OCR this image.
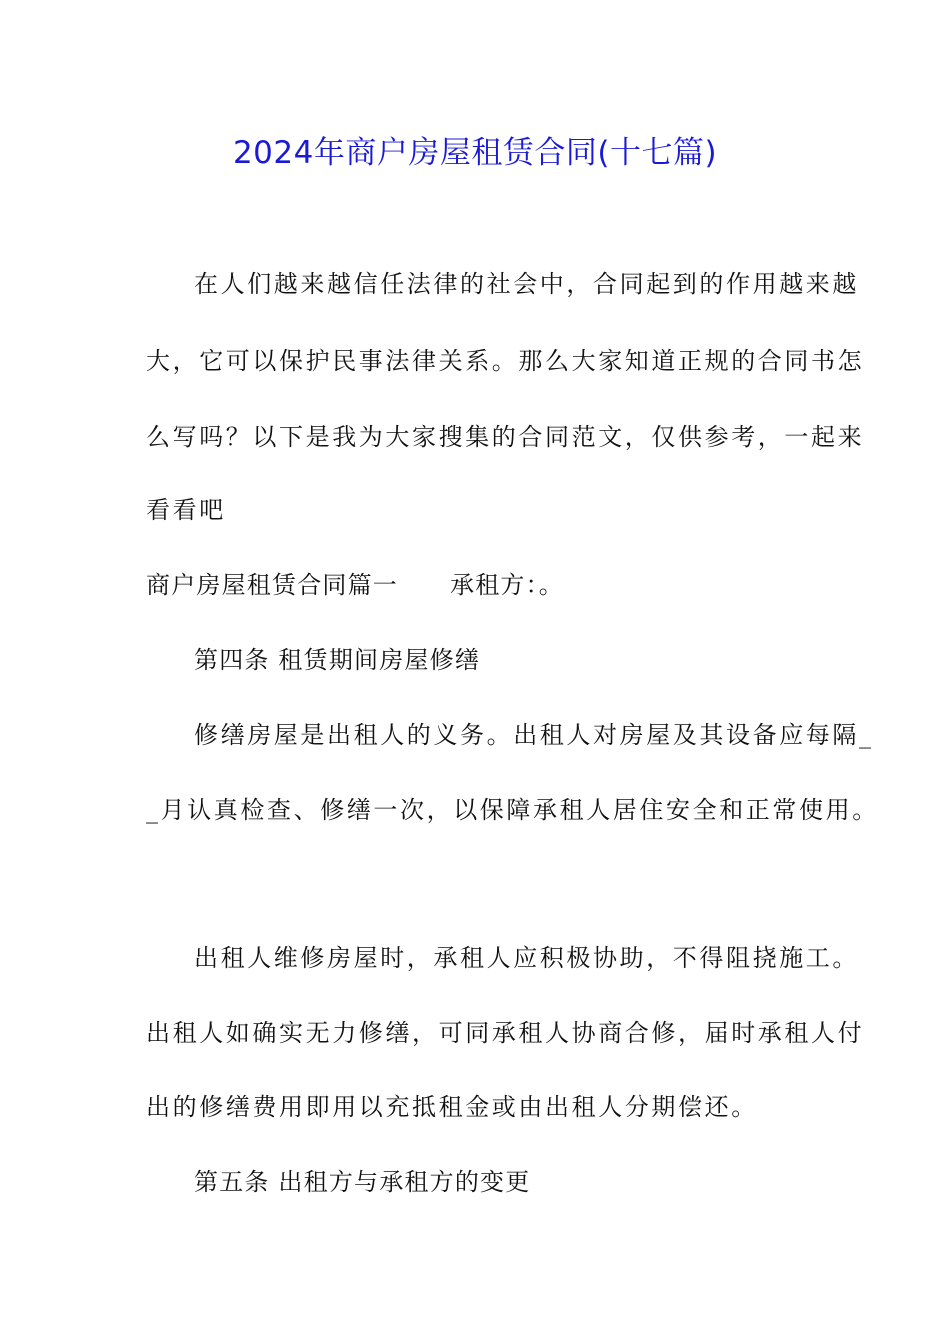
2024年商户房屋租赁合同(十七篇)
在人们越来越信任法律的社会中，合同起到的作用越来越
大，它可以保护民事法律关系。那么大家知道正规的合同书怎
么写吗？以下是我为大家搜集的合同范文，仅供参考，一起来
看看吧
商户房屋租赁合同篇一 承租方：。
第四条 租赁期间房屋修缮
修缮房屋是出租人的义务。出租人对房屋及其设备应每隔_
_月认真检查、修缮一次，以保障承租人居住安全和正常使用。
出租人维修房屋时，承租人应积极协助，不得阻挠施工。
出租人如确实无力修缮，可同承租人协商合修，届时承租人付
出的修缮费用即用以充抵租金或由出租人分期偿还。
第五条 出租方与承租方的变更
